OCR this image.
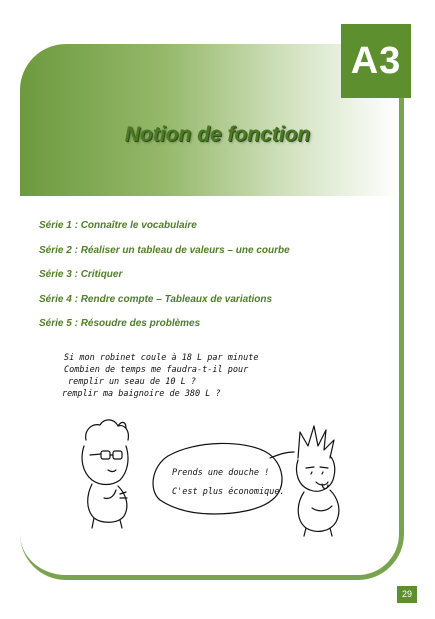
A3
Notion de fonction
Série 1 : Connaître le vocabulaire
Série 2 : Réaliser un tableau de valeurs – une courbe
Série 3 : Critiquer
Série 4 : Rendre compte – Tableaux de variations
Série 5 : Résoudre des problèmes
Si mon robinet coule à 18 L par minute
Combien de temps me faudra-t-il pour
remplir un seau de 10 L ?
remplir ma baignoire de 380 L ?
Prends une douche !
C'est plus économique.
29
